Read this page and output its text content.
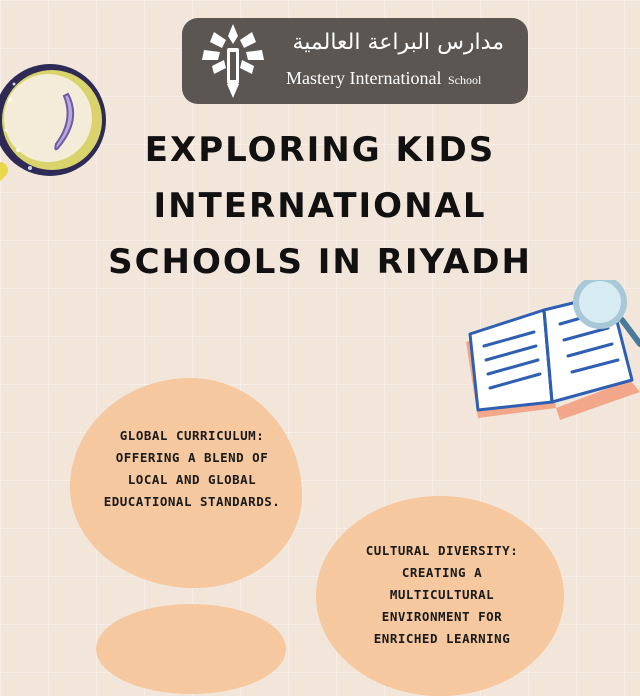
مدارس البراعة العالمية
Mastery International School
EXPLORING KIDS
INTERNATIONAL
SCHOOLS IN RIYADH
GLOBAL CURRICULUM: OFFERING A BLEND OF LOCAL AND GLOBAL EDUCATIONAL STANDARDS.
CULTURAL DIVERSITY: CREATING A MULTICULTURAL ENVIRONMENT FOR ENRICHED LEARNING
